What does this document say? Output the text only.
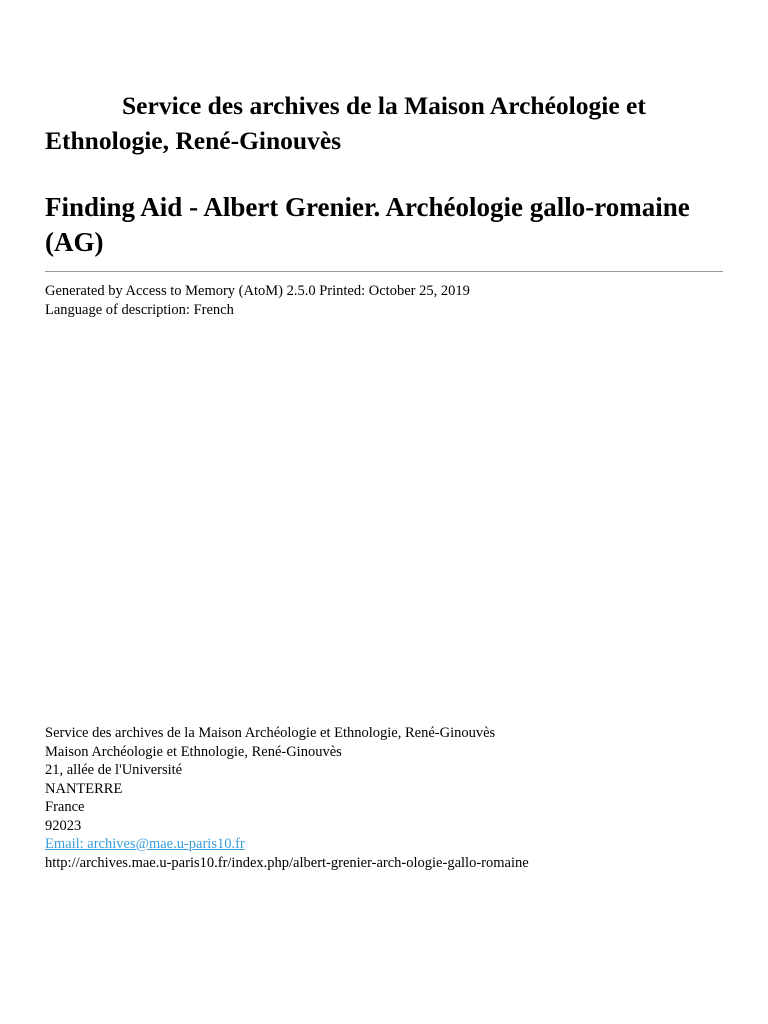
Service des archives de la Maison Archéologie et Ethnologie, René-Ginouvès
Finding Aid - Albert Grenier. Archéologie gallo-romaine (AG)
Generated by Access to Memory (AtoM) 2.5.0 Printed: October 25, 2019
Language of description: French
Service des archives de la Maison Archéologie et Ethnologie, René-Ginouvès
Maison Archéologie et Ethnologie, René-Ginouvès
21, allée de l'Université
NANTERRE
France
92023
Email: archives@mae.u-paris10.fr
http://archives.mae.u-paris10.fr/index.php/albert-grenier-arch-ologie-gallo-romaine
